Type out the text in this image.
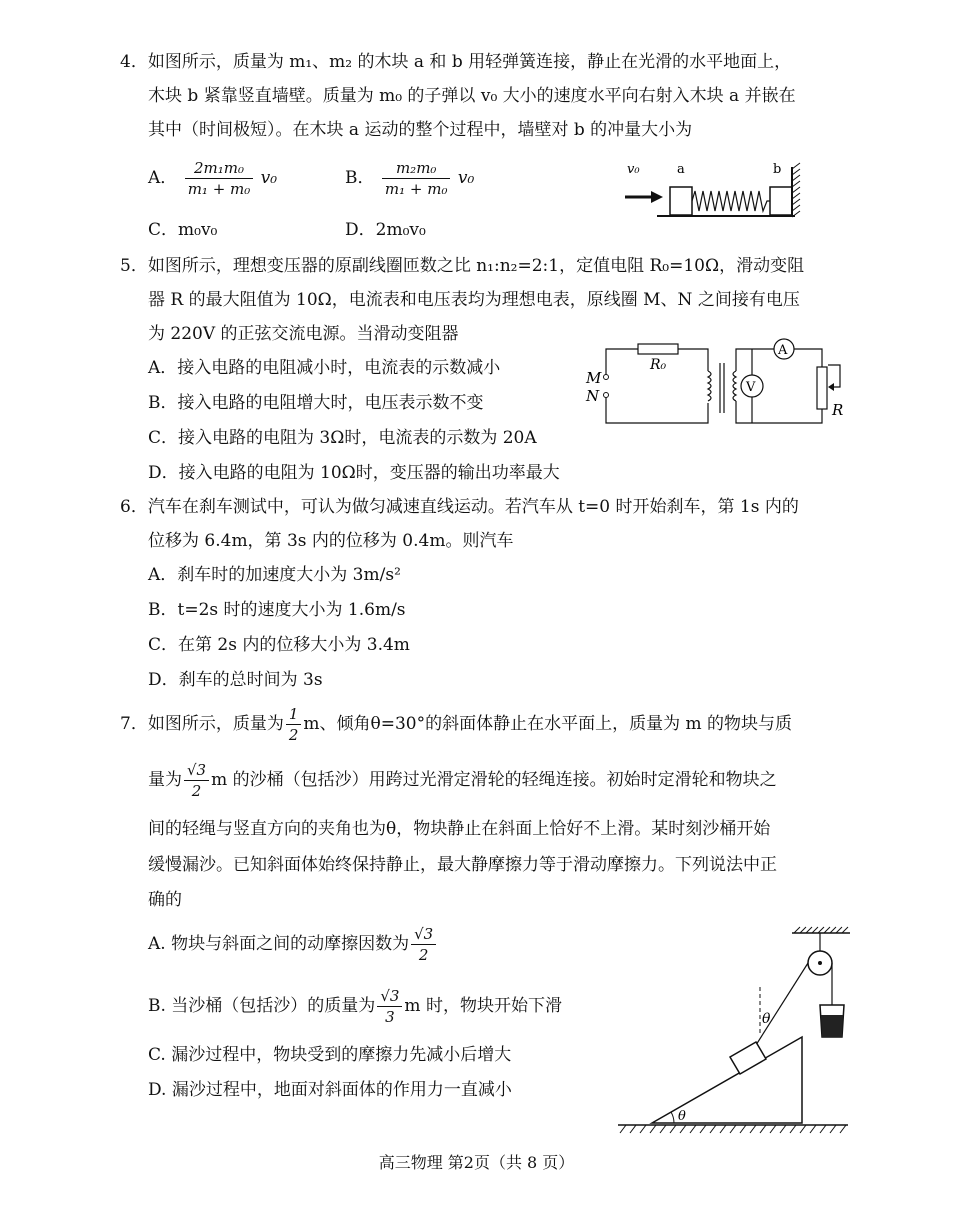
4．如图所示，质量为 m₁、m₂ 的木块 a 和 b 用轻弹簧连接，静止在光滑的水平地面上，
木块 b 紧靠竖直墙壁。质量为 m₀ 的子弹以 v₀ 大小的速度水平向右射入木块 a 并嵌在
其中（时间极短）。在木块 a 运动的整个过程中，墙壁对 b 的冲量大小为
A． $\frac{\text{2m₁m₀}}{\text{m₁ + m₀}} v_0$	B． $\frac{\text{m₂m₀}}{\text{m₁ + m₀}} v_0$
C．m₀v₀	D．2m₀v₀
v₀	a	b
5．如图所示，理想变压器的原副线圈匝数之比 n₁:n₂=2:1，定值电阻 R₀=10Ω，滑动变阻
器 R 的最大阻值为 10Ω，电流表和电压表均为理想电表，原线圈 M、N 之间接有电压
为 220V 的正弦交流电源。当滑动变阻器
A．接入电路的电阻减小时，电流表的示数减小
B．接入电路的电阻增大时，电压表示数不变
C．接入电路的电阻为 3Ω时，电流表的示数为 20A
D．接入电路的电阻为 10Ω时，变压器的输出功率最大
M
N
R₀
A
V
R
6．汽车在刹车测试中，可认为做匀减速直线运动。若汽车从 t=0 时开始刹车，第 1s 内的
位移为 6.4m，第 3s 内的位移为 0.4m。则汽车
A．刹车时的加速度大小为 3m/s²
B．t=2s 时的速度大小为 1.6m/s
C．在第 2s 内的位移大小为 3.4m
D．刹车的总时间为 3s
7．如图所示，质量为 $\frac{1}{2}$ m、倾角θ=30°的斜面体静止在水平面上，质量为 m 的物块与质
量为 $\frac{√3}{2}$ m 的沙桶（包括沙）用跨过光滑定滑轮的轻绳连接。初始时定滑轮和物块之
间的轻绳与竖直方向的夹角也为θ，物块静止在斜面上恰好不上滑。某时刻沙桶开始
缓慢漏沙。已知斜面体始终保持静止，最大静摩擦力等于滑动摩擦力。下列说法中正
确的
A. 物块与斜面之间的动摩擦因数为 $\frac{√3}{2}$
B. 当沙桶（包括沙）的质量为 $\frac{√3}{3}$ m 时，物块开始下滑
C. 漏沙过程中，物块受到的摩擦力先减小后增大
D. 漏沙过程中，地面对斜面体的作用力一直减小
θ
θ
高三物理 第2页（共 8 页）
